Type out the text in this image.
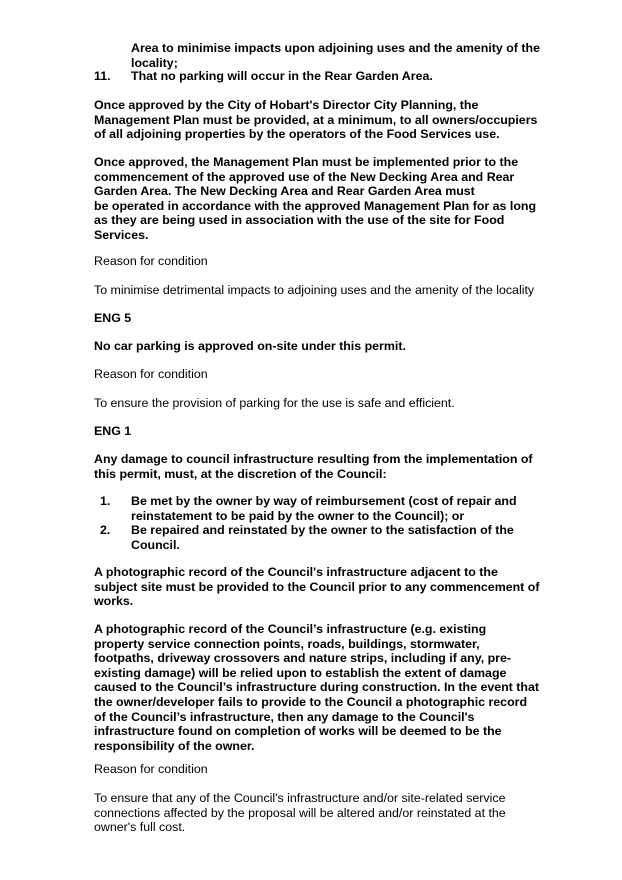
Area to minimise impacts upon adjoining uses and the amenity of the
locality;
11.	That no parking will occur in the Rear Garden Area.
Once approved by the City of Hobart's Director City Planning, the
Management Plan must be provided, at a minimum, to all owners/occupiers
of all adjoining properties by the operators of the Food Services use.
Once approved, the Management Plan must be implemented prior to the
commencement of the approved use of the New Decking Area and Rear
Garden Area. The New Decking Area and Rear Garden Area must
be operated in accordance with the approved Management Plan for as long
as they are being used in association with the use of the site for Food
Services.
Reason for condition
To minimise detrimental impacts to adjoining uses and the amenity of the locality
ENG 5
No car parking is approved on-site under this permit.
Reason for condition
To ensure the provision of parking for the use is safe and efficient.
ENG 1
Any damage to council infrastructure resulting from the implementation of
this permit, must, at the discretion of the Council:
1.	Be met by the owner by way of reimbursement (cost of repair and
reinstatement to be paid by the owner to the Council); or
2.	Be repaired and reinstated by the owner to the satisfaction of the
Council.
A photographic record of the Council's infrastructure adjacent to the
subject site must be provided to the Council prior to any commencement of
works.
A photographic record of the Council’s infrastructure (e.g. existing
property service connection points, roads, buildings, stormwater,
footpaths, driveway crossovers and nature strips, including if any, pre-
existing damage) will be relied upon to establish the extent of damage
caused to the Council’s infrastructure during construction. In the event that
the owner/developer fails to provide to the Council a photographic record
of the Council’s infrastructure, then any damage to the Council's
infrastructure found on completion of works will be deemed to be the
responsibility of the owner.
Reason for condition
To ensure that any of the Council's infrastructure and/or site-related service
connections affected by the proposal will be altered and/or reinstated at the
owner's full cost.
